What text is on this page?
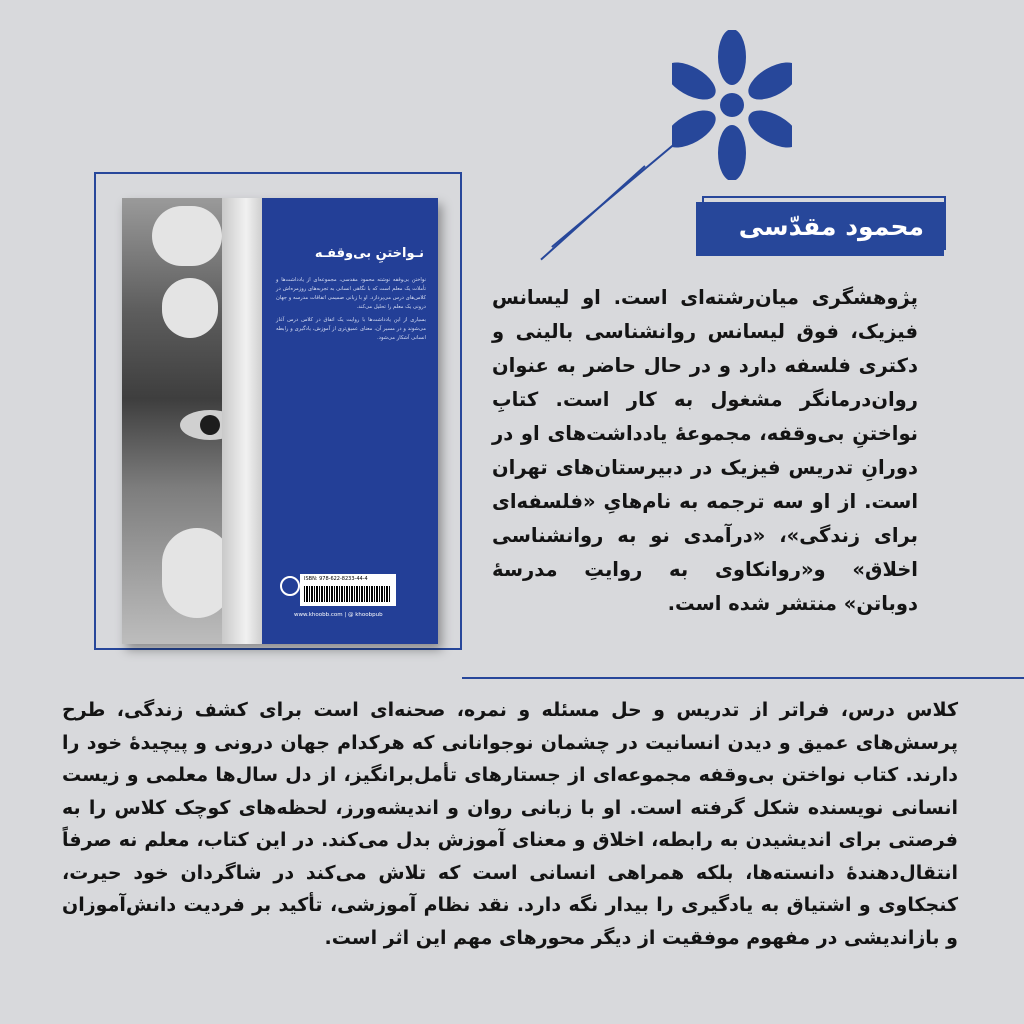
نـواختنِ بی‌وقفـه

نواختن بی‌وقفه نوشته محمود مقدسی، مجموعه‌ای از یادداشت‌ها و تأملات یک معلم است که با نگاهی انسانی به تجربه‌های روزمره‌اش در کلاس‌های درس می‌پردازد. او با زبانی صمیمی اتفاقات مدرسه و جهان درونی یک معلم را تحلیل می‌کند.

بسیاری از این یادداشت‌ها با روایت یک اتفاق در کلاس درس آغاز می‌شوند و در مسیر آن، معنای عمیق‌تری از آموزش، یادگیری و رابطه انسانی آشکار می‌شود.

ISBN: 978-622-8233-44-4
www.khoobb.com | @ khoobpub
محمود مقدّسی
پژوهشگری میان‌رشته‌ای است. او لیسانس فیزیک، فوق لیسانس روانشناسی بالینی و دکتری فلسفه دارد و در حال حاضر به عنوان روان‌درمانگر مشغول به کار است. کتابِ نواختنِ بی‌وقفه، مجموعهٔ یادداشت‌های او در دورانِ تدریس فیزیک در دبیرستان‌های تهران است. از او سه ترجمه به نام‌هایِ «فلسفه‌ای برای زندگی»، «درآمدی نو به روانشناسی اخلاق» و«روانکاوی به روایتِ مدرسهٔ دوباتن» منتشر شده است.
کلاس درس، فراتر از تدریس و حل مسئله و نمره، صحنه‌ای است برای کشف زندگی، طرح پرسش‌های عمیق و دیدن انسانیت در چشمان نوجوانانی که هرکدام جهان درونی و پیچیدهٔ خود را دارند. کتاب نواختن بی‌وقفه مجموعه‌ای از جستارهای تأمل‌برانگیز، از دل سال‌ها معلمی و زیست انسانی نویسنده شکل گرفته است. او با زبانی روان و اندیشه‌ورز، لحظه‌های کوچک کلاس را به فرصتی برای اندیشیدن به رابطه، اخلاق و معنای آموزش بدل می‌کند. در این کتاب، معلم نه صرفاً انتقال‌دهندهٔ دانسته‌ها، بلکه همراهی انسانی است که تلاش می‌کند در شاگردان خود حیرت، کنجکاوی و اشتیاق به یادگیری را بیدار نگه دارد. نقد نظام آموزشی، تأکید بر فردیت دانش‌آموزان و بازاندیشی در مفهوم موفقیت از دیگر محورهای مهم این اثر است.
